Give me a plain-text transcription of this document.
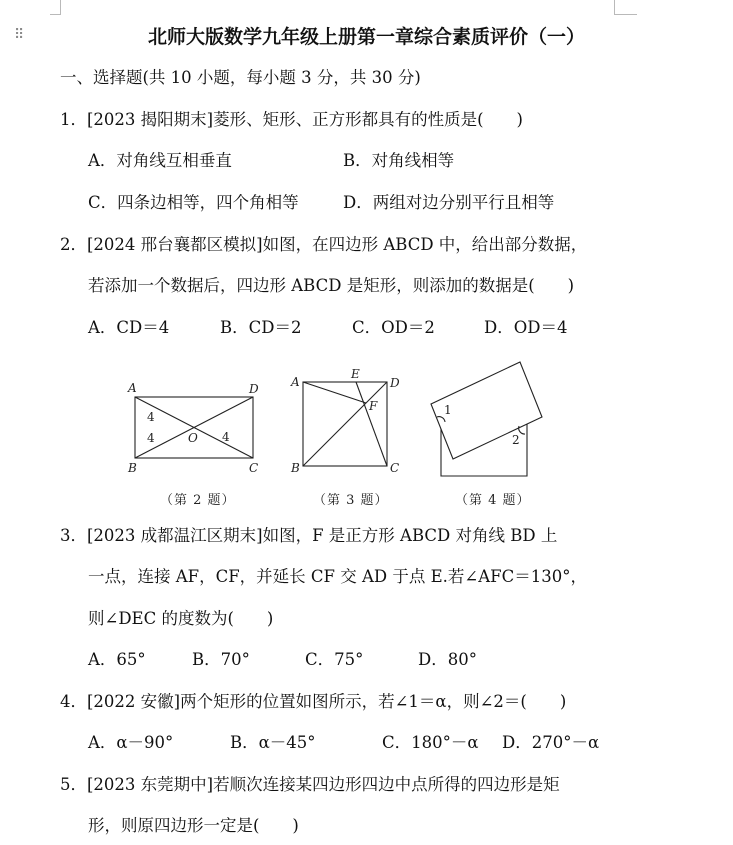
⠿	北师大版数学九年级上册第一章综合素质评价（一）
一、选择题(共 10 小题，每小题 3 分，共 30 分)
1．[2023 揭阳期末]菱形、矩形、正方形都具有的性质是(　　)
A．对角线互相垂直	B．对角线相等
C．四条边相等，四个角相等	D．两组对边分别平行且相等
2．[2024 邢台襄都区模拟]如图，在四边形 ABCD 中，给出部分数据，
若添加一个数据后，四边形 ABCD 是矩形，则添加的数据是(　　)
A．CD＝4	B．CD＝2	C．OD＝2	D．OD＝4
A	D
B	C
O
4
4	4
（第 2 题）
A
E
D
F
B	C
（第 3 题）
1
2
（第 4 题）
3．[2023 成都温江区期末]如图，F 是正方形 ABCD 对角线 BD 上
一点，连接 AF，CF，并延长 CF 交 AD 于点 E.若∠AFC＝130°，
则∠DEC 的度数为(　　)
A．65°	B．70°	C．75°	D．80°
4．[2022 安徽]两个矩形的位置如图所示，若∠1＝α，则∠2＝(　　)
A．α－90°	B．α－45°	C．180°－α D．270°－α
5．[2023 东莞期中]若顺次连接某四边形四边中点所得的四边形是矩
形，则原四边形一定是(　　)
